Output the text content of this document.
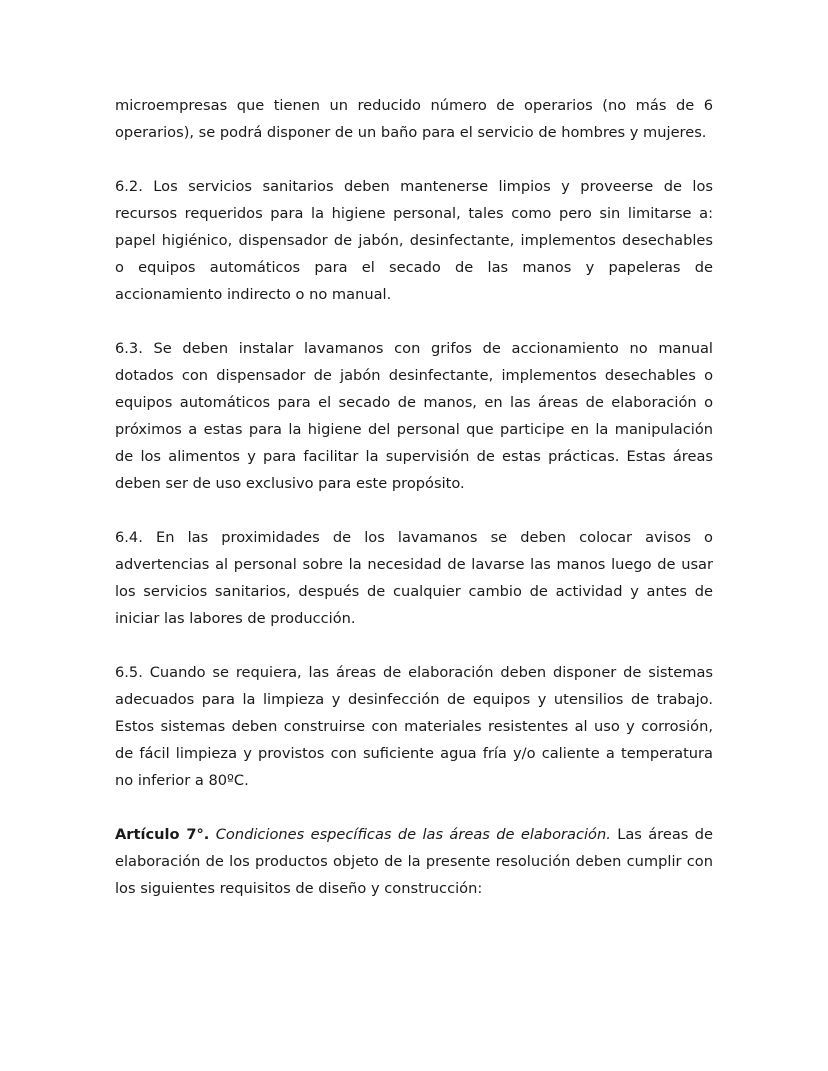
microempresas que tienen un reducido número de operarios (no más de 6 operarios), se podrá disponer de un baño para el servicio de hombres y mujeres.

6.2. Los servicios sanitarios deben mantenerse limpios y proveerse de los recursos requeridos para la higiene personal, tales como pero sin limitarse a: papel higiénico, dispensador de jabón, desinfectante, implementos desechables o equipos automáticos para el secado de las manos y papeleras de accionamiento indirecto o no manual.

6.3. Se deben instalar lavamanos con grifos de accionamiento no manual dotados con dispensador de jabón desinfectante, implementos desechables o equipos automáticos para el secado de manos, en las áreas de elaboración o próximos a estas para la higiene del personal que participe en la manipulación de los alimentos y para facilitar la supervisión de estas prácticas. Estas áreas deben ser de uso exclusivo para este propósito.

6.4. En las proximidades de los lavamanos se deben colocar avisos o advertencias al personal sobre la necesidad de lavarse las manos luego de usar los servicios sanitarios, después de cualquier cambio de actividad y antes de iniciar las labores de producción.

6.5. Cuando se requiera, las áreas de elaboración deben disponer de sistemas adecuados para la limpieza y desinfección de equipos y utensilios de trabajo. Estos sistemas deben construirse con materiales resistentes al uso y corrosión, de fácil limpieza y provistos con suficiente agua fría y/o caliente a temperatura no inferior a 80ºC.

Artículo 7°. Condiciones específicas de las áreas de elaboración. Las áreas de elaboración de los productos objeto de la presente resolución deben cumplir con los siguientes requisitos de diseño y construcción:
